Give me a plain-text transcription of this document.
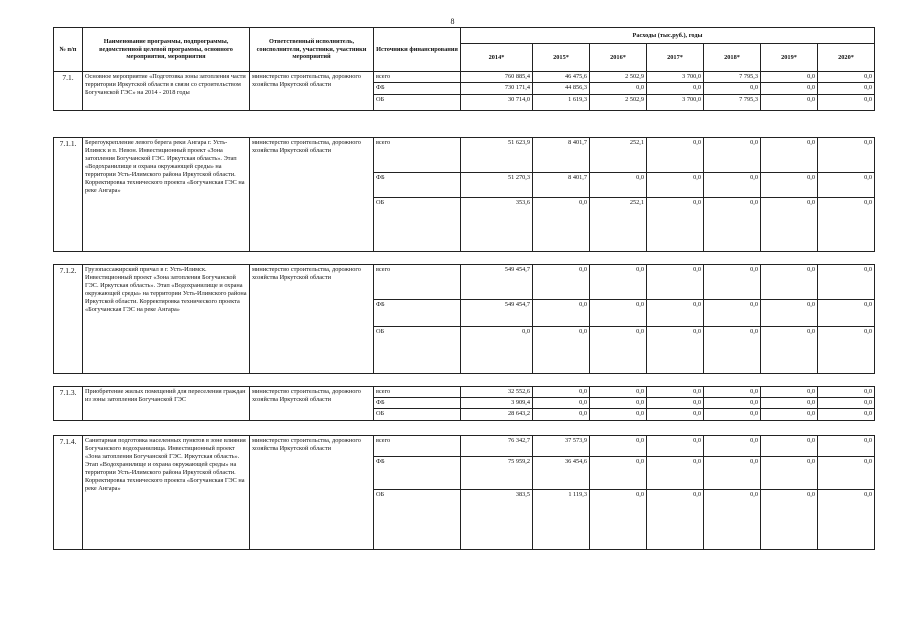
8
№ п/п	Наименование программы, подпрограммы, ведомственной целевой программы, основного мероприятия, мероприятия	Ответственный исполнитель, соисполнители, участники, участники мероприятий	Источники финансирования	Расходы (тыс.руб.), годы						
				2014*	2015*	2016*	2017*	2018*	2019*	2020*
7.1.	Основное мероприятие «Подготовка зоны затопления части территории Иркутской области в связи со строительством Богучанской ГЭС» на 2014 - 2018 годы	министерство строительства, дорожного хозяйства Иркутской области	всего	760 885,4	46 475,6	2 502,9	3 700,0	7 795,3	0,0	0,0
			ФБ	730 171,4	44 856,3	0,0	0,0	0,0	0,0	0,0
			ОБ	30 714,0	1 619,3	2 502,9	3 700,0	7 795,3	0,0	0,0

7.1.1.	Берегоукрепление левого берега реки Ангара г. Усть-Илимск и п. Невон. Инвестиционный проект «Зона затопления Богучанской ГЭС. Иркутская область». Этап «Водохранилище и охрана окружающей среды» на территории Усть-Илимского района Иркутской области. Корректировка технического проекта «Богучанская ГЭС на реке Ангара»	министерство строительства, дорожного хозяйства Иркутской области	всего	51 623,9	8 401,7	252,1	0,0	0,0	0,0	0,0
			ФБ	51 270,3	8 401,7	0,0	0,0	0,0	0,0	0,0
			ОБ	353,6	0,0	252,1	0,0	0,0	0,0	0,0

7.1.2.	Грузопассажирский причал в г. Усть-Илимск. Инвестиционный проект «Зона затопления Богучанской ГЭС. Иркутская область». Этап «Водохранилище и охрана окружающей среды» на территории Усть-Илимского района Иркутской области. Корректировка технического проекта «Богучанская ГЭС на реке Ангара»	министерство строительства, дорожного хозяйства Иркутской области	всего	549 454,7	0,0	0,0	0,0	0,0	0,0	0,0
			ФБ	549 454,7	0,0	0,0	0,0	0,0	0,0	0,0
			ОБ	0,0	0,0	0,0	0,0	0,0	0,0	0,0

7.1.3.	Приобретение жилых помещений для переселения граждан из зоны затопления Богучанской ГЭС	министерство строительства, дорожного хозяйства Иркутской области	всего	32 552,6	0,0	0,0	0,0	0,0	0,0	0,0
			ФБ	3 909,4	0,0	0,0	0,0	0,0	0,0	0,0
			ОБ	28 643,2	0,0	0,0	0,0	0,0	0,0	0,0

7.1.4.	Санитарная подготовка населенных пунктов в зоне влияния Богучанского водохранилища. Инвестиционный проект «Зона затопления Богучанской ГЭС. Иркутская область». Этап «Водохранилище и охрана окружающей среды» на территории Усть-Илимского района Иркутской области. Корректировка технического проекта «Богучанская ГЭС на реке Ангара»	министерство строительства, дорожного хозяйства Иркутской области	всего	76 342,7	37 573,9	0,0	0,0	0,0	0,0	0,0
			ФБ	75 959,2	36 454,6	0,0	0,0	0,0	0,0	0,0
			ОБ	383,5	1 119,3	0,0	0,0	0,0	0,0	0,0
